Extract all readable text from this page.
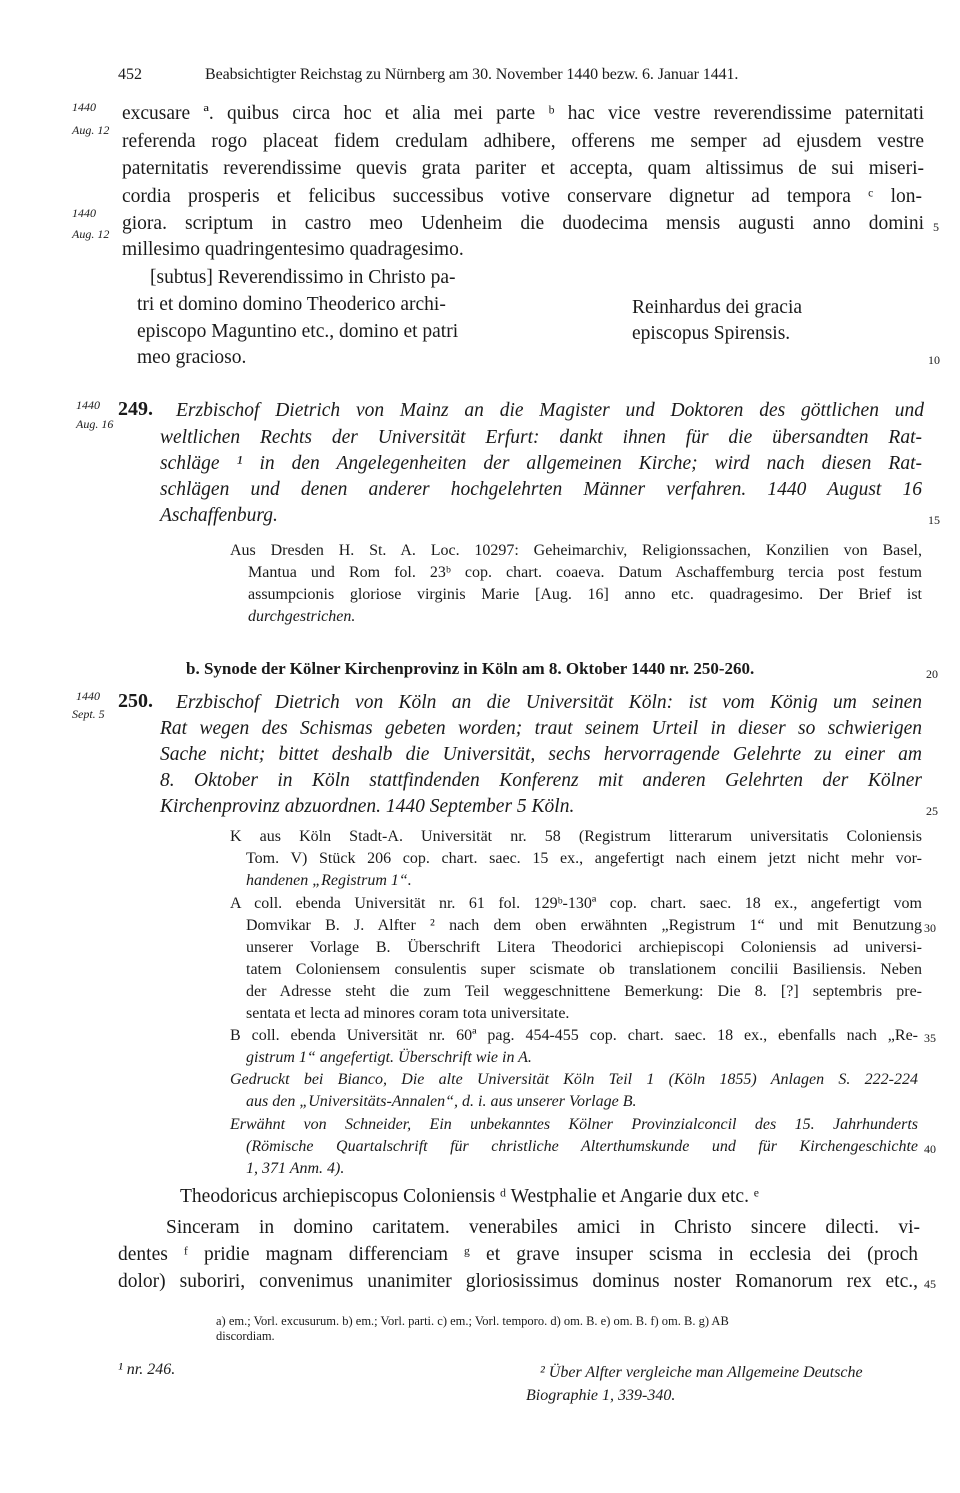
452	Beabsichtigter Reichstag zu Nürnberg am 30. November 1440 bezw. 6. Januar 1441.
1440
Aug. 12
excusare ª. quibus circa hoc et alia mei parte ᵇ hac vice vestre reverendissime paternitati
referenda rogo placeat fidem credulam adhibere, offerens me semper ad ejusdem vestre
paternitatis reverendissime quevis grata pariter et accepta, quam altissimus de sui miseri-
cordia prosperis et felicibus successibus votive conservare dignetur ad tempora ᶜ lon-
1440
Aug. 12 giora. scriptum in castro meo Udenheim die duodecima mensis augusti anno domini 5
millesimo quadringentesimo quadragesimo.
[subtus] Reverendissimo in Christo pa-
tri et domino domino Theoderico archi-
episcopo Maguntino etc., domino et patri
meo gracioso.
Reinhardus dei gracia
episcopus Spirensis.
10
1440
Aug. 16
249. Erzbischof Dietrich von Mainz an die Magister und Doktoren des göttlichen und
weltlichen Rechts der Universität Erfurt: dankt ihnen für die übersandten Rat-
schläge ¹ in den Angelegenheiten der allgemeinen Kirche; wird nach diesen Rat-
schlägen und denen anderer hochgelehrten Männer verfahren. 1440 August 16
Aschaffenburg.	15
Aus Dresden H. St. A. Loc. 10297: Geheimarchiv, Religionssachen, Konzilien von Basel,
Mantua und Rom fol. 23ᵇ cop. chart. coaeva. Datum Aschaffemburg tercia post festum
assumpcionis gloriose virginis Marie [Aug. 16] anno etc. quadragesimo. Der Brief ist
durchgestrichen.
b. Synode der Kölner Kirchenprovinz in Köln am 8. Oktober 1440 nr. 250-260.	20
1440
Sept. 5
250. Erzbischof Dietrich von Köln an die Universität Köln: ist vom König um seinen
Rat wegen des Schismas gebeten worden; traut seinem Urteil in dieser so schwierigen
Sache nicht; bittet deshalb die Universität, sechs hervorragende Gelehrte zu einer am
8. Oktober in Köln stattfindenden Konferenz mit anderen Gelehrten der Kölner
Kirchenprovinz abzuordnen. 1440 September 5 Köln.	25
K aus Köln Stadt-A. Universität nr. 58 (Registrum litterarum universitatis Coloniensis
Tom. V) Stück 206 cop. chart. saec. 15 ex., angefertigt nach einem jetzt nicht mehr vor-
handenen „Registrum 1“.
A coll. ebenda Universität nr. 61 fol. 129ᵇ-130ª cop. chart. saec. 18 ex., angefertigt vom
Domvikar B. J. Alfter ² nach dem oben erwähnten „Registrum 1“ und mit Benutzung 30
unserer Vorlage B. Überschrift Litera Theodorici archiepiscopi Coloniensis ad universi-
tatem Coloniensem consulentis super scismate ob translationem concilii Basiliensis. Neben
der Adresse steht die zum Teil weggeschnittene Bemerkung: Die 8. [?] septembris pre-
sentata et lecta ad minores coram tota universitate.
B coll. ebenda Universität nr. 60ª pag. 454-455 cop. chart. saec. 18 ex., ebenfalls nach „Re- 35
gistrum 1“ angefertigt. Überschrift wie in A.
Gedruckt bei Bianco, Die alte Universität Köln Teil 1 (Köln 1855) Anlagen S. 222-224
aus den „Universitäts-Annalen“, d. i. aus unserer Vorlage B.
Erwähnt von Schneider, Ein unbekanntes Kölner Provinzialconcil des 15. Jahrhunderts
(Römische Quartalschrift für christliche Alterthumskunde und für Kirchengeschichte 40
1, 371 Anm. 4).
Theodoricus archiepiscopus Coloniensis ᵈ Westphalie et Angarie dux etc. ᵉ
Sinceram in domino caritatem. venerabiles amici in Christo sincere dilecti. vi-
dentes ᶠ pridie magnam differenciam ᵍ et grave insuper scisma in ecclesia dei (proch
dolor) suboriri, convenimus unanimiter gloriosissimus dominus noster Romanorum rex etc., 45
a) em.; Vorl. excusurum. b) em.; Vorl. parti. c) em.; Vorl. temporo. d) om. B. e) om. B. f) om. B. g) AB
discordiam.
¹ nr. 246.	² Über Alfter vergleiche man Allgemeine Deutsche
Biographie 1, 339-340.
